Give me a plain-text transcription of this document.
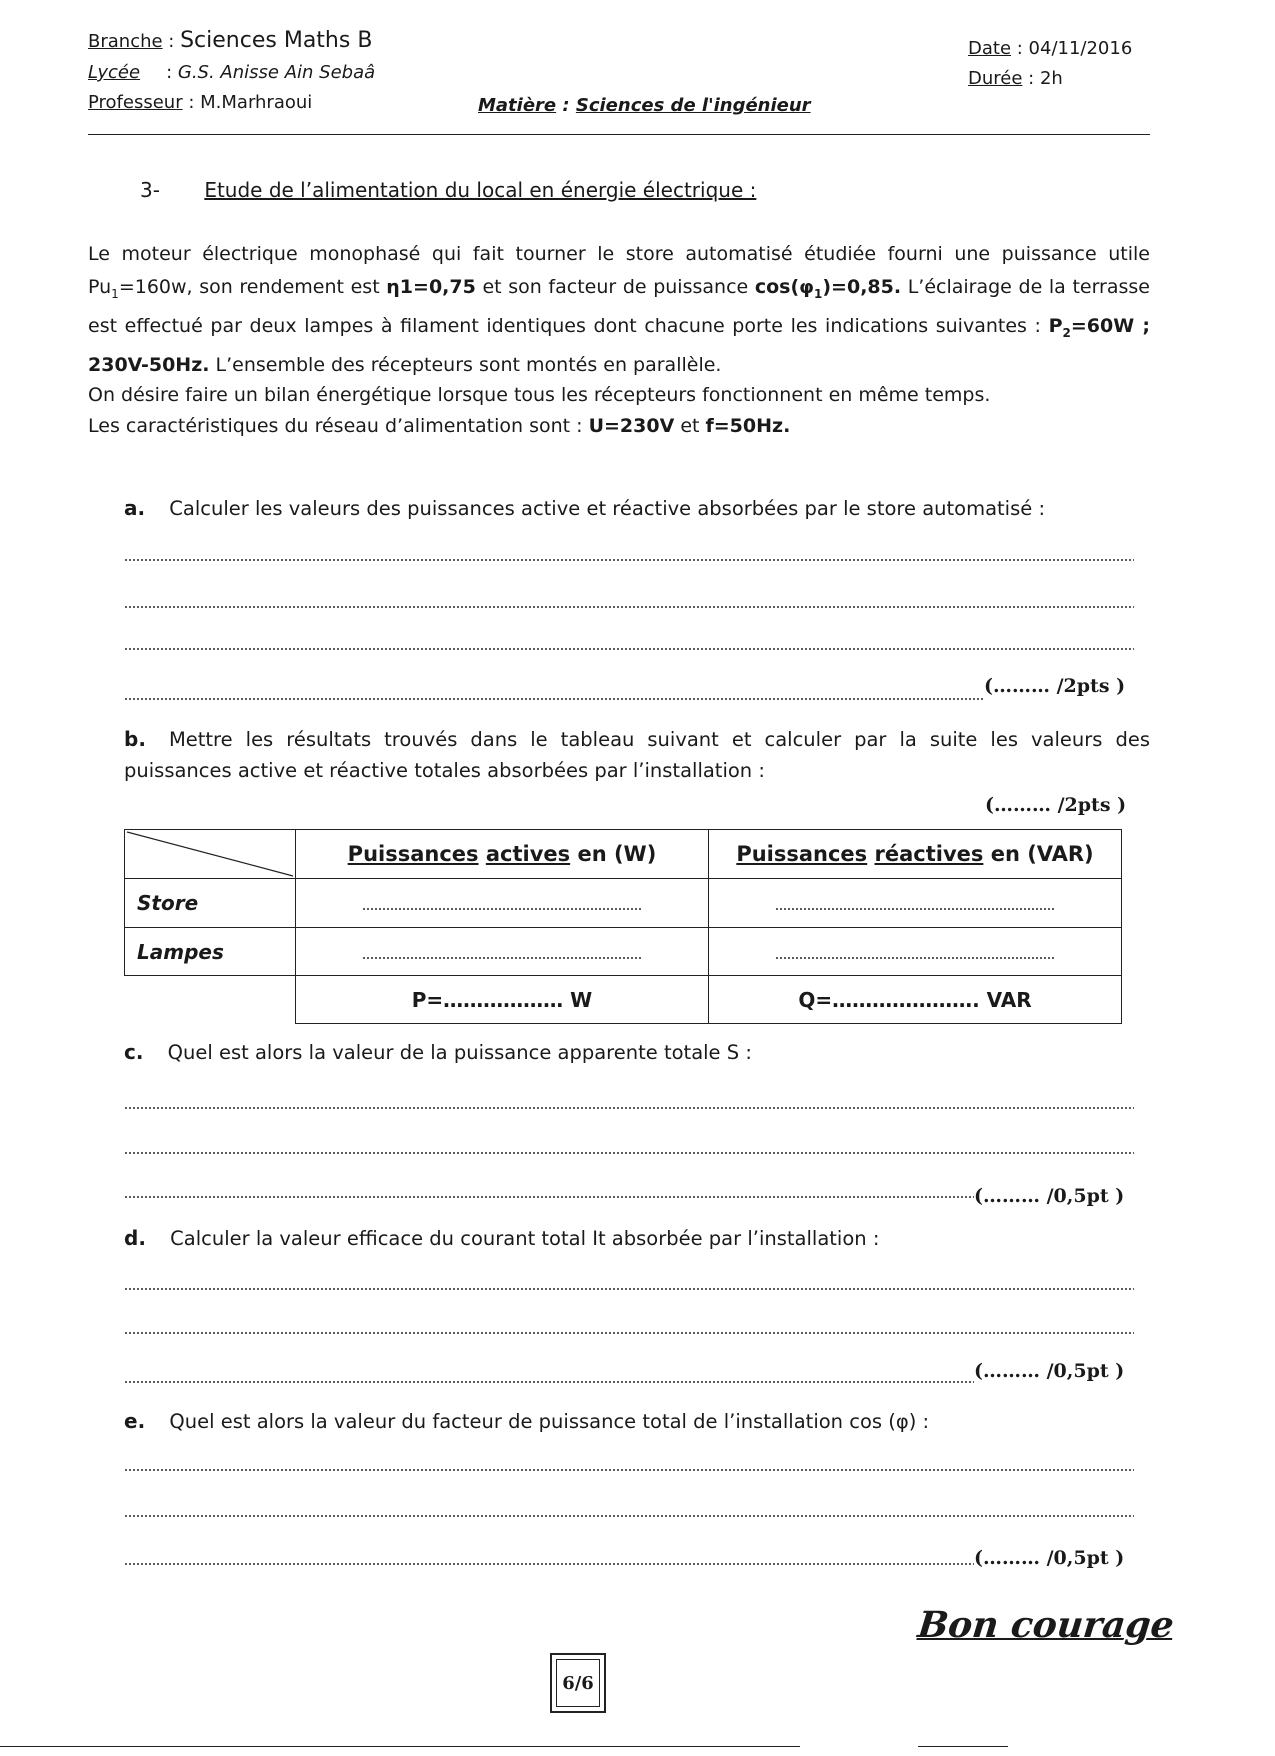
Branche : Sciences Maths B
Lycée : G.S. Anisse Ain Sebaâ
Professeur : M.Marhraoui	Matière : Sciences de l'ingénieur
Date : 04/11/2016
Durée : 2h
3- Etude de l’alimentation du local en énergie électrique :
Le moteur électrique monophasé qui fait tourner le store automatisé étudiée fourni une puissance utile $Pu_1=160w$, son rendement est η1=0,75 et son facteur de puissance $\cos(\varphi_1)=0,85$. L’éclairage de la terrasse est effectué par deux lampes à filament identiques dont chacune porte les indications suivantes : $P_2=60W$ ; 230V-50Hz. L’ensemble des récepteurs sont montés en parallèle.
On désire faire un bilan énergétique lorsque tous les récepteurs fonctionnent en même temps.
Les caractéristiques du réseau d’alimentation sont : U=230V et f=50Hz.
a. Calculer les valeurs des puissances active et réactive absorbées par le store automatisé :
(……… /2pts )
b. Mettre les résultats trouvés dans le tableau suivant et calculer par la suite les valeurs des puissances active et réactive totales absorbées par l’installation :
(……… /2pts )
	Puissances actives en (W)	Puissances réactives en (VAR)
Store	

Lampes	

	P=……………… W	Q=…………………. VAR
c. Quel est alors la valeur de la puissance apparente totale S :
(……… /0,5pt )
d. Calculer la valeur efficace du courant total It absorbée par l’installation :
(……… /0,5pt )
e. Quel est alors la valeur du facteur de puissance total de l’installation cos (φ) :
(……… /0,5pt )
Bon courage
6/6
